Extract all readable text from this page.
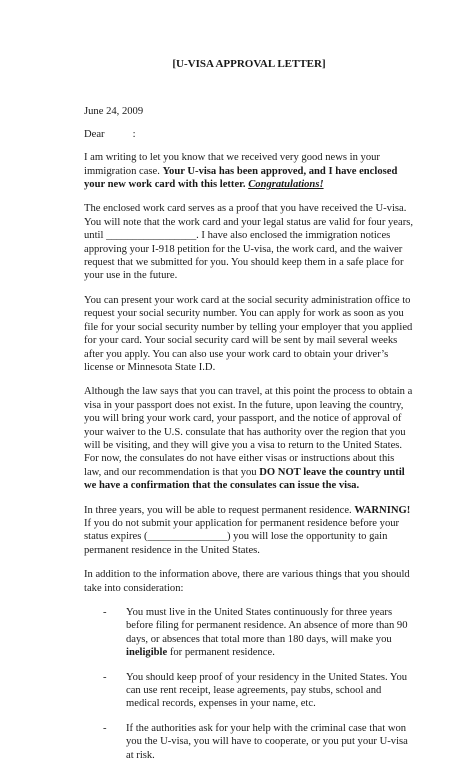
[U-VISA APPROVAL LETTER]
June 24, 2009
Dear	:

I am writing to let you know that we received very good news in your immigration case. Your U-visa has been approved, and I have enclosed your new work card with this letter. Congratulations!

The enclosed work card serves as a proof that you have received the U-visa. You will note that the work card and your legal status are valid for four years, until _________________. I have also enclosed the immigration notices approving your I-918 petition for the U-visa, the work card, and the waiver request that we submitted for you. You should keep them in a safe place for your use in the future.

You can present your work card at the social security administration office to request your social security number. You can apply for work as soon as you file for your social security number by telling your employer that you applied for your card. Your social security card will be sent by mail several weeks after you apply. You can also use your work card to obtain your driver’s license or Minnesota State I.D.

Although the law says that you can travel, at this point the process to obtain a visa in your passport does not exist. In the future, upon leaving the country, you will bring your work card, your passport, and the notice of approval of your waiver to the U.S. consulate that has authority over the region that you will be visiting, and they will give you a visa to return to the United States. For now, the consulates do not have either visas or instructions about this law, and our recommendation is that you DO NOT leave the country until we have a confirmation that the consulates can issue the visa.

In three years, you will be able to request permanent residence. WARNING! If you do not submit your application for permanent residence before your status expires (_______________) you will lose the opportunity to gain permanent residence in the United States.

In addition to the information above, there are various things that you should take into consideration:

- You must live in the United States continuously for three years before filing for permanent residence. An absence of more than 90 days, or absences that total more than 180 days, will make you ineligible for permanent residence.
- You should keep proof of your residency in the United States. You can use rent receipt, lease agreements, pay stubs, school and medical records, expenses in your name, etc.
- If the authorities ask for your help with the criminal case that won you the U-visa, you will have to cooperate, or you put your U-visa at risk.
